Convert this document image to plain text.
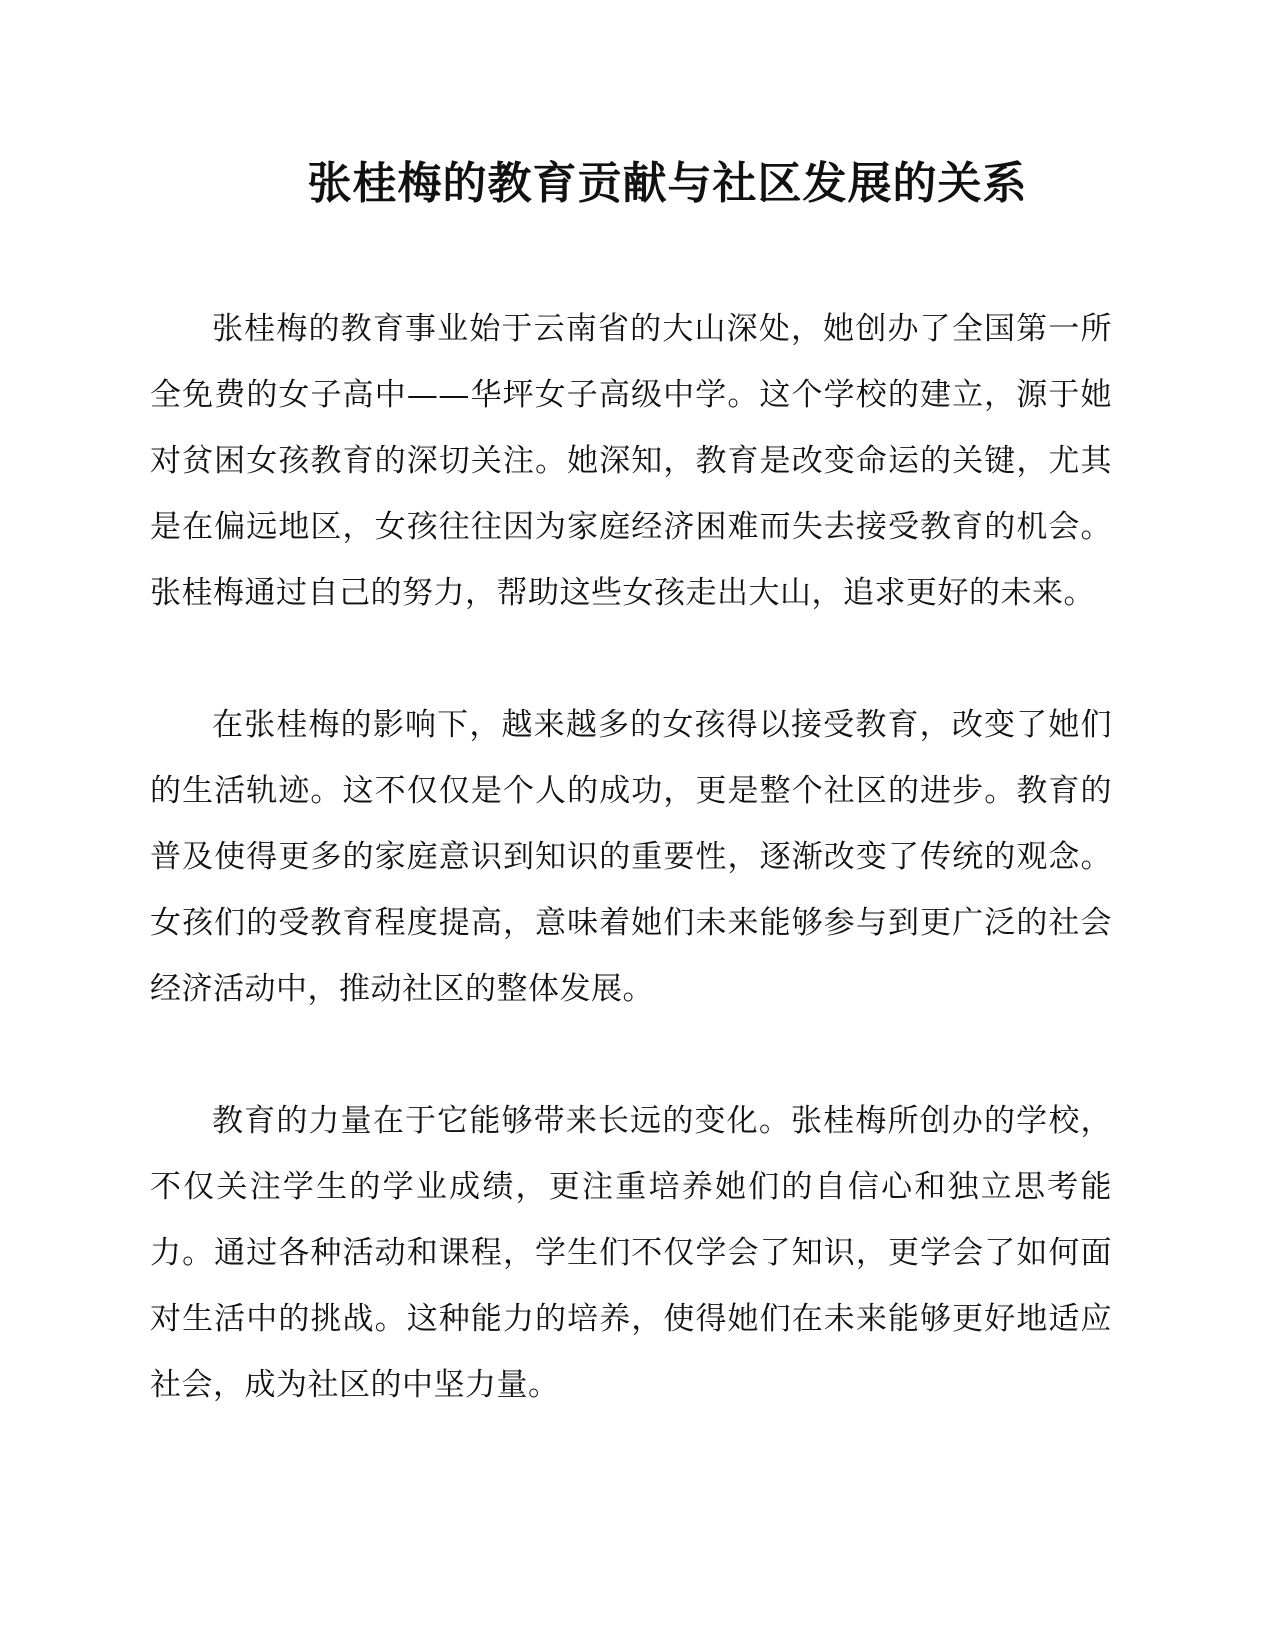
张桂梅的教育贡献与社区发展的关系

张桂梅的教育事业始于云南省的大山深处，她创办了全国第一所全免费的女子高中——华坪女子高级中学。这个学校的建立，源于她对贫困女孩教育的深切关注。她深知，教育是改变命运的关键，尤其是在偏远地区，女孩往往因为家庭经济困难而失去接受教育的机会。张桂梅通过自己的努力，帮助这些女孩走出大山，追求更好的未来。

在张桂梅的影响下，越来越多的女孩得以接受教育，改变了她们的生活轨迹。这不仅仅是个人的成功，更是整个社区的进步。教育的普及使得更多的家庭意识到知识的重要性，逐渐改变了传统的观念。女孩们的受教育程度提高，意味着她们未来能够参与到更广泛的社会经济活动中，推动社区的整体发展。

教育的力量在于它能够带来长远的变化。张桂梅所创办的学校，不仅关注学生的学业成绩，更注重培养她们的自信心和独立思考能力。通过各种活动和课程，学生们不仅学会了知识，更学会了如何面对生活中的挑战。这种能力的培养，使得她们在未来能够更好地适应社会，成为社区的中坚力量。
